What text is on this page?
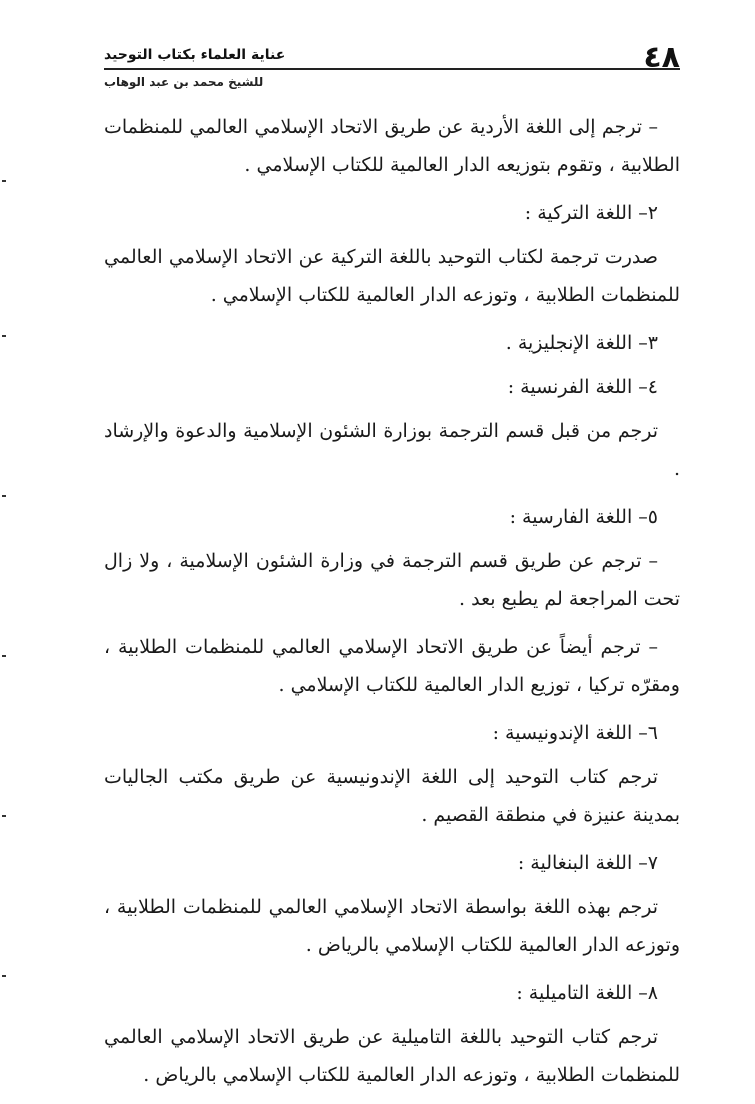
٤٨
عناية العلماء بكتاب التوحيد
للشيخ محمد بن عبد الوهاب

– ترجم إلى اللغة الأردية عن طريق الاتحاد الإسلامي العالمي للمنظمات الطلابية ، وتقوم بتوزيعه الدار العالمية للكتاب الإسلامي .

٢– اللغة التركية :

صدرت ترجمة لكتاب التوحيد باللغة التركية عن الاتحاد الإسلامي العالمي للمنظمات الطلابية ، وتوزعه الدار العالمية للكتاب الإسلامي .

٣– اللغة الإنجليزية .

٤– اللغة الفرنسية :

ترجم من قبل قسم الترجمة بوزارة الشئون الإسلامية والدعوة والإرشاد .

٥– اللغة الفارسية :

– ترجم عن طريق قسم الترجمة في وزارة الشئون الإسلامية ، ولا زال تحت المراجعة لم يطبع بعد .

– ترجم أيضاً عن طريق الاتحاد الإسلامي العالمي للمنظمات الطلابية ، ومقرّه تركيا ، توزيع الدار العالمية للكتاب الإسلامي .

٦– اللغة الإندونيسية :

ترجم كتاب التوحيد إلى اللغة الإندونيسية عن طريق مكتب الجاليات بمدينة عنيزة في منطقة القصيم .

٧– اللغة البنغالية :

ترجم بهذه اللغة بواسطة الاتحاد الإسلامي العالمي للمنظمات الطلابية ، وتوزعه الدار العالمية للكتاب الإسلامي بالرياض .

٨– اللغة التاميلية :

ترجم كتاب التوحيد باللغة التاميلية عن طريق الاتحاد الإسلامي العالمي للمنظمات الطلابية ، وتوزعه الدار العالمية للكتاب الإسلامي بالرياض .
